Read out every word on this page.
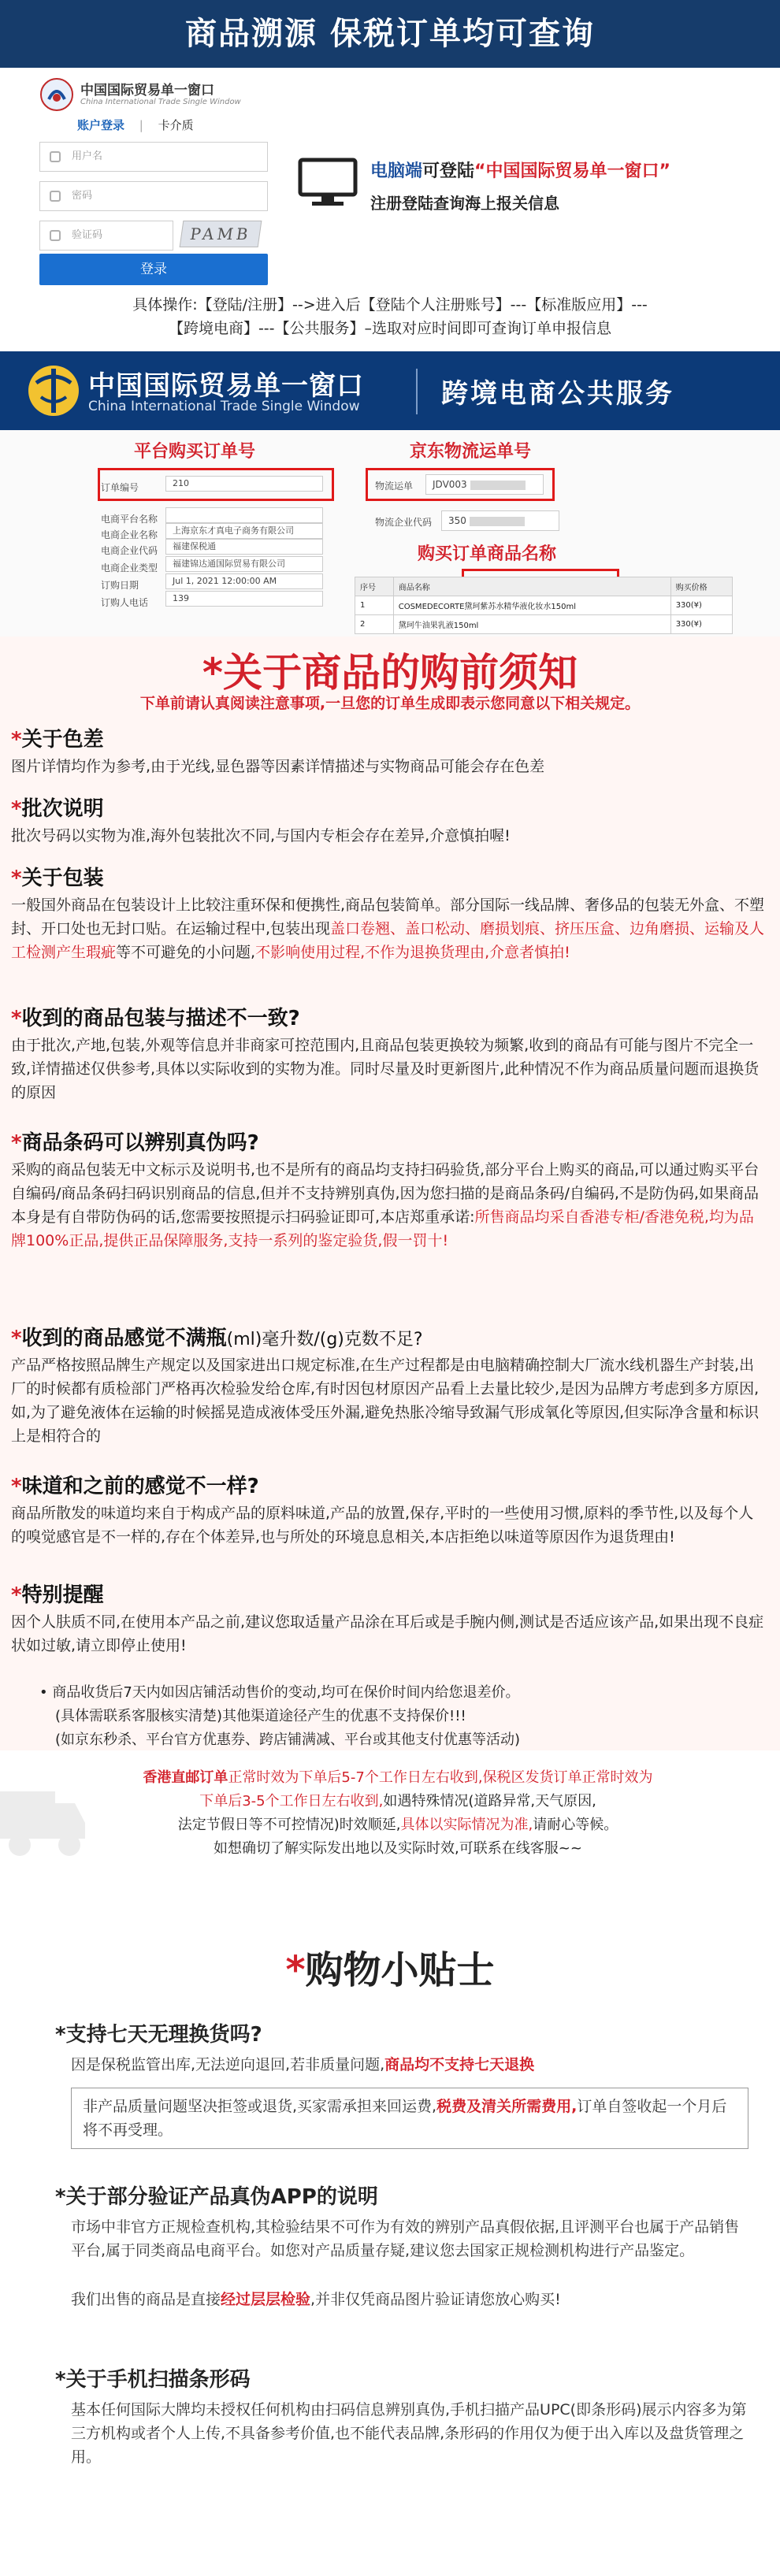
商品溯源 保税订单均可查询
中国国际贸易单一窗口
China International Trade Single Window
账户登录 | 卡介质
用户名
密码
验证码	PAMB
登录
电脑端可登陆“中国国际贸易单一窗口”
注册登陆查询海上报关信息
具体操作:【登陆/注册】-->进入后【登陆个人注册账号】---【标准版应用】---
【跨境电商】---【公共服务】–选取对应时间即可查询订单申报信息
中国国际贸易单一窗口
China International Trade Single Window	跨境电商公共服务
平台购买订单号	京东物流运单号
订单编号	210
电商平台名称
电商企业名称	上海京东才真电子商务有限公司
电商企业代码	福建保税通
电商企业类型	福建锦达通国际贸易有限公司
订购日期	Jul 1, 2021 12:00:00 AM
订购人电话	139
物流运单	JDV003
物流企业代码	350
购买订单商品名称
序号	商品名称	购买价格
1	COSMEDECORTE黛珂紫苏水精华液化妆水150ml	330(¥)
2	黛珂牛油果乳液150ml	330(¥)
*关于商品的购前须知
下单前请认真阅读注意事项,一旦您的订单生成即表示您同意以下相关规定。
*关于色差
图片详情均作为参考,由于光线,显色器等因素详情描述与实物商品可能会存在色差
*批次说明
批次号码以实物为准,海外包装批次不同,与国内专柜会存在差异,介意慎拍喔!
*关于包装
一般国外商品在包装设计上比较注重环保和便携性,商品包装简单。部分国际一线品牌、奢侈品的包装无外盒、不塑封、开口处也无封口贴。在运输过程中,包装出现盖口卷翘、盖口松动、磨损划痕、挤压压盒、边角磨损、运输及人工检测产生瑕疵等不可避免的小问题,不影响使用过程,不作为退换货理由,介意者慎拍!
*收到的商品包装与描述不一致?
由于批次,产地,包装,外观等信息并非商家可控范围内,且商品包装更换较为频繁,收到的商品有可能与图片不完全一致,详情描述仅供参考,具体以实际收到的实物为准。同时尽量及时更新图片,此种情况不作为商品质量问题而退换货的原因
*商品条码可以辨别真伪吗?
采购的商品包装无中文标示及说明书,也不是所有的商品均支持扫码验货,部分平台上购买的商品,可以通过购买平台自编码/商品条码扫码识别商品的信息,但并不支持辨别真伪,因为您扫描的是商品条码/自编码,不是防伪码,如果商品本身是有自带防伪码的话,您需要按照提示扫码验证即可,本店郑重承诺:所售商品均采自香港专柜/香港免税,均为品牌100%正品,提供正品保障服务,支持一系列的鉴定验货,假一罚十!
*收到的商品感觉不满瓶(ml)毫升数/(g)克数不足?
产品严格按照品牌生产规定以及国家进出口规定标准,在生产过程都是由电脑精确控制大厂流水线机器生产封装,出厂的时候都有质检部门严格再次检验发给仓库,有时因包材原因产品看上去量比较少,是因为品牌方考虑到多方原因,如,为了避免液体在运输的时候摇晃造成液体受压外漏,避免热胀冷缩导致漏气形成氧化等原因,但实际净含量和标识上是相符合的
*味道和之前的感觉不一样?
商品所散发的味道均来自于构成产品的原料味道,产品的放置,保存,平时的一些使用习惯,原料的季节性,以及每个人的嗅觉感官是不一样的,存在个体差异,也与所处的环境息息相关,本店拒绝以味道等原因作为退货理由!
*特别提醒
因个人肤质不同,在使用本产品之前,建议您取适量产品涂在耳后或是手腕内侧,测试是否适应该产品,如果出现不良症状如过敏,请立即停止使用!
• 商品收货后7天内如因店铺活动售价的变动,均可在保价时间内给您退差价。
(具体需联系客服核实清楚)其他渠道途径产生的优惠不支持保价!!!
(如京东秒杀、平台官方优惠券、跨店铺满减、平台或其他支付优惠等活动)
香港直邮订单正常时效为下单后5-7个工作日左右收到,保税区发货订单正常时效为
下单后3-5个工作日左右收到,如遇特殊情况(道路异常,天气原因,
法定节假日等不可控情况)时效顺延,具体以实际情况为准,请耐心等候。
如想确切了解实际发出地以及实际时效,可联系在线客服~~
*购物小贴士
*支持七天无理换货吗?
因是保税监管出库,无法逆向退回,若非质量问题,商品均不支持七天退换
非产品质量问题坚决拒签或退货,买家需承担来回运费,税费及清关所需费用,订单自签收起一个月后将不再受理。
*关于部分验证产品真伪APP的说明
市场中非官方正规检查机构,其检验结果不可作为有效的辨别产品真假依据,且评测平台也属于产品销售平台,属于同类商品电商平台。如您对产品质量存疑,建议您去国家正规检测机构进行产品鉴定。
我们出售的商品是直接经过层层检验,并非仅凭商品图片验证请您放心购买!
*关于手机扫描条形码
基本任何国际大牌均未授权任何机构由扫码信息辨别真伪,手机扫描产品UPC(即条形码)展示内容多为第三方机构或者个人上传,不具备参考价值,也不能代表品牌,条形码的作用仅为便于出入库以及盘货管理之用。
